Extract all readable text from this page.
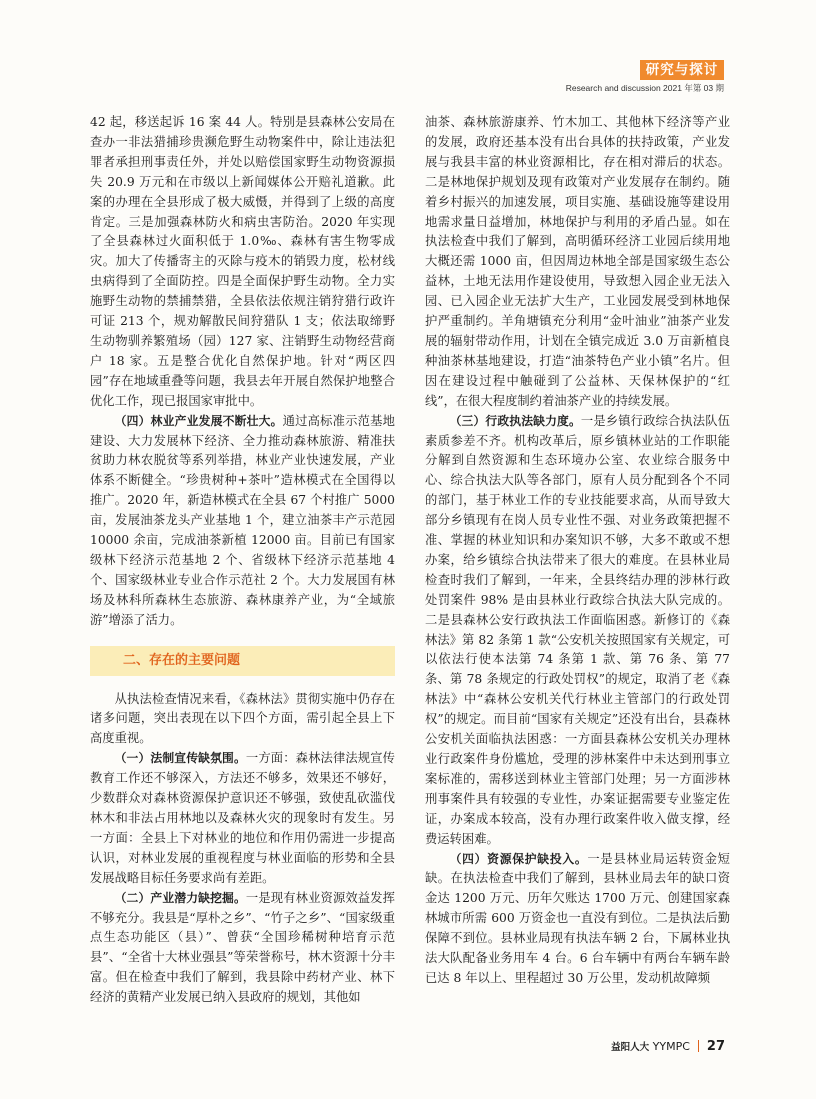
研究与探讨
Research and discussion 2021 年第 03 期

42 起，移送起诉 16 案 44 人。特别是县森林公安局在查办一非法猎捕珍贵濒危野生动物案件中，除让违法犯罪者承担刑事责任外，并处以赔偿国家野生动物资源损失 20.9 万元和在市级以上新闻媒体公开赔礼道歉。此案的办理在全县形成了极大威慑，并得到了上级的高度肯定。三是加强森林防火和病虫害防治。2020 年实现了全县森林过火面积低于 1.0‰、森林有害生物零成灾。加大了传播寄主的灭除与疫木的销毁力度，松材线虫病得到了全面防控。四是全面保护野生动物。全力实施野生动物的禁捕禁猎，全县依法依规注销狩猎行政许可证 213 个，规劝解散民间狩猎队 1 支；依法取缔野生动物驯养繁殖场（园）127 家、注销野生动物经营商户 18 家。五是整合优化自然保护地。针对“两区四园”存在地域重叠等问题，我县去年开展自然保护地整合优化工作，现已报国家审批中。

（四）林业产业发展不断壮大。通过高标准示范基地建设、大力发展林下经济、全力推动森林旅游、精准扶贫助力林农脱贫等系列举措，林业产业快速发展，产业体系不断健全。“珍贵树种+茶叶”造林模式在全国得以推广。2020 年，新造林模式在全县 67 个村推广 5000 亩，发展油茶龙头产业基地 1 个，建立油茶丰产示范园 10000 余亩，完成油茶新植 12000 亩。目前已有国家级林下经济示范基地 2 个、省级林下经济示范基地 4 个、国家级林业专业合作示范社 2 个。大力发展国有林场及林科所森林生态旅游、森林康养产业，为“全域旅游”增添了活力。

二、存在的主要问题

从执法检查情况来看，《森林法》贯彻实施中仍存在诸多问题，突出表现在以下四个方面，需引起全县上下高度重视。

（一）法制宣传缺氛围。一方面：森林法律法规宣传教育工作还不够深入，方法还不够多，效果还不够好，少数群众对森林资源保护意识还不够强，致使乱砍滥伐林木和非法占用林地以及森林火灾的现象时有发生。另一方面：全县上下对林业的地位和作用仍需进一步提高认识，对林业发展的重视程度与林业面临的形势和全县发展战略目标任务要求尚有差距。

（二）产业潜力缺挖掘。一是现有林业资源效益发挥不够充分。我县是“厚朴之乡”、“竹子之乡”、“国家级重点生态功能区（县）”、曾获“全国珍稀树种培育示范县”、“全省十大林业强县”等荣誉称号，林木资源十分丰富。但在检查中我们了解到，我县除中药材产业、林下经济的黄精产业发展已纳入县政府的规划，其他如

油茶、森林旅游康养、竹木加工、其他林下经济等产业的发展，政府还基本没有出台具体的扶持政策，产业发展与我县丰富的林业资源相比，存在相对滞后的状态。二是林地保护规划及现有政策对产业发展存在制约。随着乡村振兴的加速发展，项目实施、基础设施等建设用地需求量日益增加，林地保护与利用的矛盾凸显。如在执法检查中我们了解到，高明循环经济工业园后续用地大概还需 1000 亩，但因周边林地全部是国家级生态公益林，土地无法用作建设使用，导致想入园企业无法入园、已入园企业无法扩大生产，工业园发展受到林地保护严重制约。羊角塘镇充分利用“金叶油业”油茶产业发展的辐射带动作用，计划在全镇完成近 3.0 万亩新植良种油茶林基地建设，打造“油茶特色产业小镇”名片。但因在建设过程中触碰到了公益林、天保林保护的“红线”，在很大程度制约着油茶产业的持续发展。

（三）行政执法缺力度。一是乡镇行政综合执法队伍素质参差不齐。机构改革后，原乡镇林业站的工作职能分解到自然资源和生态环境办公室、农业综合服务中心、综合执法大队等各部门，原有人员分配到各个不同的部门，基于林业工作的专业技能要求高，从而导致大部分乡镇现有在岗人员专业性不强、对业务政策把握不准、掌握的林业知识和办案知识不够，大多不敢或不想办案，给乡镇综合执法带来了很大的难度。在县林业局检查时我们了解到，一年来，全县终结办理的涉林行政处罚案件 98% 是由县林业行政综合执法大队完成的。二是县森林公安行政执法工作面临困惑。新修订的《森林法》第 82 条第 1 款“公安机关按照国家有关规定，可以依法行使本法第 74 条第 1 款、第 76 条、第 77 条、第 78 条规定的行政处罚权”的规定，取消了老《森林法》中“森林公安机关代行林业主管部门的行政处罚权”的规定。而目前“国家有关规定”还没有出台，县森林公安机关面临执法困惑：一方面县森林公安机关办理林业行政案件身份尴尬，受理的涉林案件中未达到刑事立案标准的，需移送到林业主管部门处理；另一方面涉林刑事案件具有较强的专业性，办案证据需要专业鉴定佐证，办案成本较高，没有办理行政案件收入做支撑，经费运转困难。

（四）资源保护缺投入。一是县林业局运转资金短缺。在执法检查中我们了解到，县林业局去年的缺口资金达 1200 万元、历年欠账达 1700 万元、创建国家森林城市所需 600 万资金也一直没有到位。二是执法后勤保障不到位。县林业局现有执法车辆 2 台，下属林业执法大队配备业务用车 4 台。6 台车辆中有两台车辆车龄已达 8 年以上、里程超过 30 万公里，发动机故障频

益阳人大 YYMPC 27
